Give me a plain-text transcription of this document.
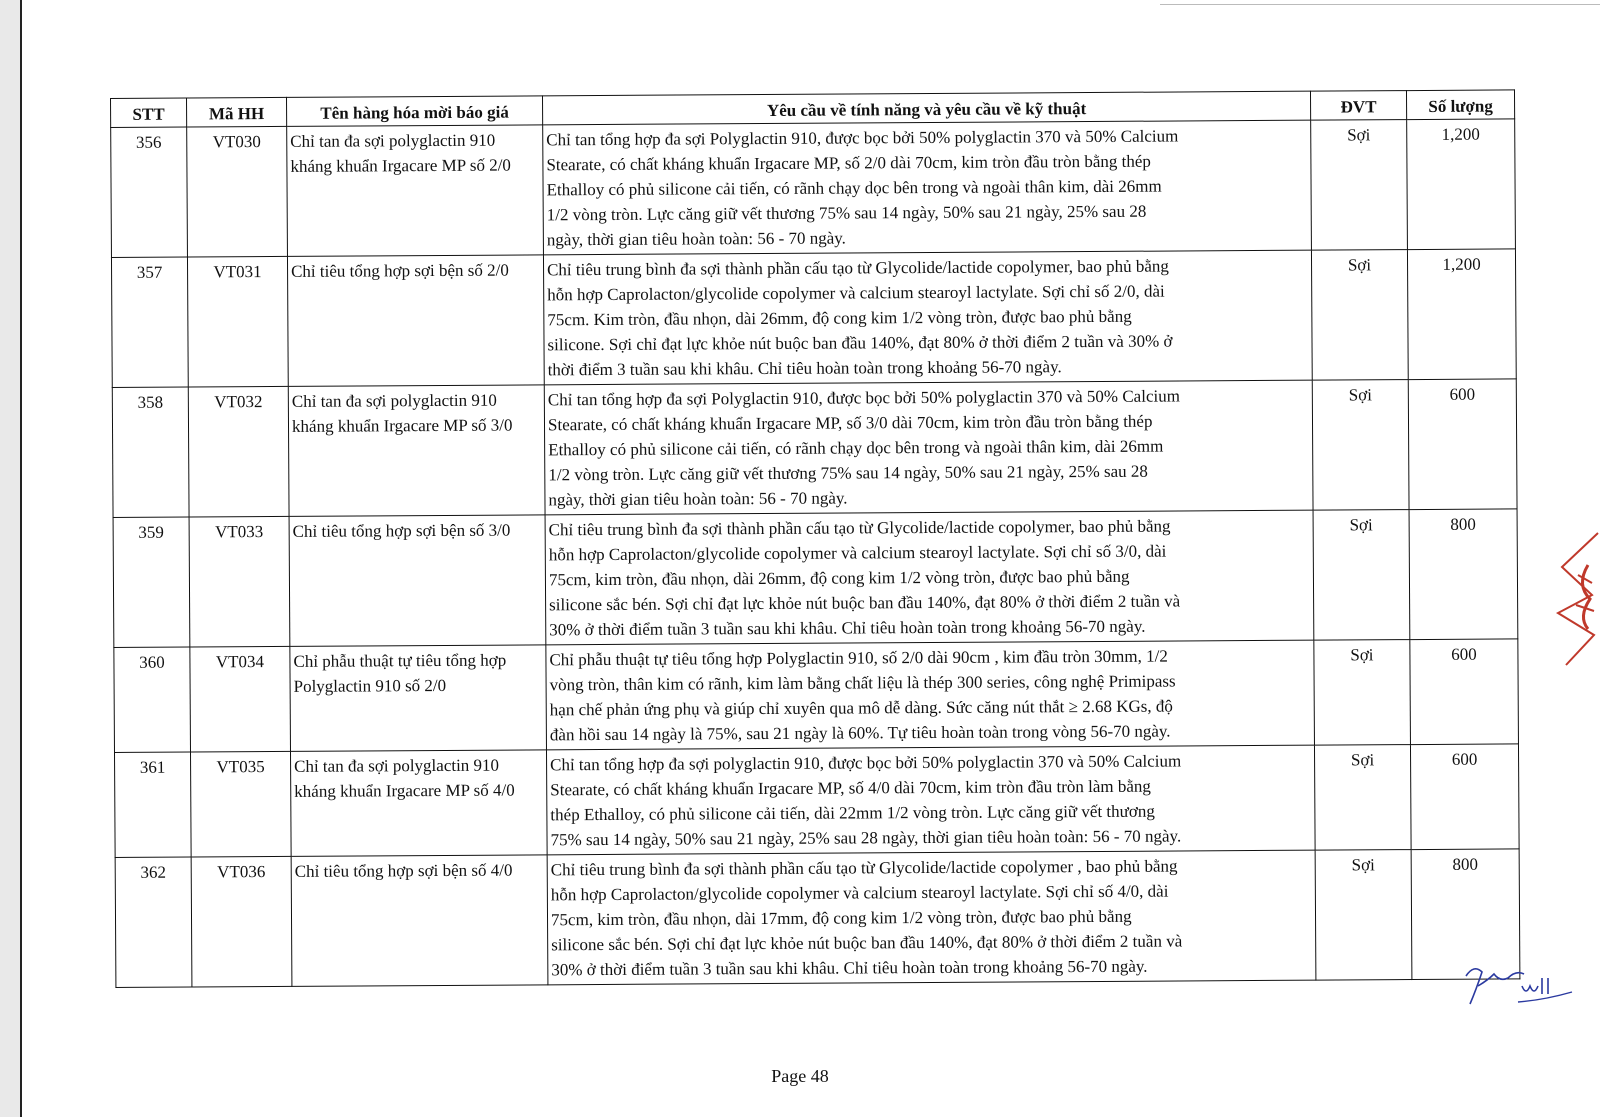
STT	Mã HH	Tên hàng hóa mời báo giá	Yêu cầu về tính năng và yêu cầu về kỹ thuật	ĐVT	Số lượng
356	VT030	Chỉ tan đa sợi polyglactin 910 kháng khuẩn Irgacare MP số 2/0	Chỉ tan tổng hợp đa sợi Polyglactin 910, được bọc bởi 50% polyglactin 370 và 50% Calcium
Stearate, có chất kháng khuẩn Irgacare MP, số 2/0 dài 70cm, kim tròn đầu tròn bằng thép
Ethalloy có phủ silicone cải tiến, có rãnh chạy dọc bên trong và ngoài thân kim, dài 26mm
1/2 vòng tròn. Lực căng giữ vết thương 75% sau 14 ngày, 50% sau 21 ngày, 25% sau 28
ngày, thời gian tiêu hoàn toàn: 56 - 70 ngày.	Sợi	1,200
357	VT031	Chỉ tiêu tổng hợp sợi bện số 2/0	Chỉ tiêu trung bình đa sợi thành phần cấu tạo từ Glycolide/lactide copolymer, bao phủ bằng
hỗn hợp Caprolacton/glycolide copolymer và calcium stearoyl lactylate. Sợi chỉ số 2/0, dài
75cm. Kim tròn, đầu nhọn, dài 26mm, độ cong kim 1/2 vòng tròn, được bao phủ bằng
silicone. Sợi chỉ đạt lực khỏe nút buộc ban đầu 140%, đạt 80% ở thời điểm 2 tuần và 30% ở
thời điểm 3 tuần sau khi khâu. Chỉ tiêu hoàn toàn trong khoảng 56-70 ngày.	Sợi	1,200
358	VT032	Chỉ tan đa sợi polyglactin 910 kháng khuẩn Irgacare MP số 3/0	Chỉ tan tổng hợp đa sợi Polyglactin 910, được bọc bởi 50% polyglactin 370 và 50% Calcium
Stearate, có chất kháng khuẩn Irgacare MP, số 3/0 dài 70cm, kim tròn đầu tròn bằng thép
Ethalloy có phủ silicone cải tiến, có rãnh chạy dọc bên trong và ngoài thân kim, dài 26mm
1/2 vòng tròn. Lực căng giữ vết thương 75% sau 14 ngày, 50% sau 21 ngày, 25% sau 28
ngày, thời gian tiêu hoàn toàn: 56 - 70 ngày.	Sợi	600
359	VT033	Chỉ tiêu tổng hợp sợi bện số 3/0	Chỉ tiêu trung bình đa sợi thành phần cấu tạo từ Glycolide/lactide copolymer, bao phủ bằng
hỗn hợp Caprolacton/glycolide copolymer và calcium stearoyl lactylate. Sợi chỉ số 3/0, dài
75cm, kim tròn, đầu nhọn, dài 26mm, độ cong kim 1/2 vòng tròn, được bao phủ bằng
silicone sắc bén. Sợi chỉ đạt lực khỏe nút buộc ban đầu 140%, đạt 80% ở thời điểm 2 tuần và
30% ở thời điểm tuần 3 tuần sau khi khâu. Chỉ tiêu hoàn toàn trong khoảng 56-70 ngày.	Sợi	800
360	VT034	Chỉ phẫu thuật tự tiêu tổng hợp Polyglactin 910 số 2/0	Chỉ phẫu thuật tự tiêu tổng hợp Polyglactin 910, số 2/0 dài 90cm , kim đầu tròn 30mm, 1/2
vòng tròn, thân kim có rãnh, kim làm bằng chất liệu là thép 300 series, công nghệ Primipass
hạn chế phản ứng phụ và giúp chỉ xuyên qua mô dễ dàng. Sức căng nút thắt ≥ 2.68 KGs, độ
đàn hồi sau 14 ngày là 75%, sau 21 ngày là 60%. Tự tiêu hoàn toàn trong vòng 56-70 ngày.	Sợi	600
361	VT035	Chỉ tan đa sợi polyglactin 910 kháng khuẩn Irgacare MP số 4/0	Chỉ tan tổng hợp đa sợi polyglactin 910, được bọc bởi 50% polyglactin 370 và 50% Calcium
Stearate, có chất kháng khuẩn Irgacare MP, số 4/0 dài 70cm, kim tròn đầu tròn làm bằng
thép Ethalloy, có phủ silicone cải tiến, dài 22mm 1/2 vòng tròn. Lực căng giữ vết thương
75% sau 14 ngày, 50% sau 21 ngày, 25% sau 28 ngày, thời gian tiêu hoàn toàn: 56 - 70 ngày.	Sợi	600
362	VT036	Chỉ tiêu tổng hợp sợi bện số 4/0	Chỉ tiêu trung bình đa sợi thành phần cấu tạo từ Glycolide/lactide copolymer , bao phủ bằng
hỗn hợp Caprolacton/glycolide copolymer và calcium stearoyl lactylate. Sợi chỉ số 4/0, dài
75cm, kim tròn, đầu nhọn, dài 17mm, độ cong kim 1/2 vòng tròn, được bao phủ bằng
silicone sắc bén. Sợi chỉ đạt lực khỏe nút buộc ban đầu 140%, đạt 80% ở thời điểm 2 tuần và
30% ở thời điểm tuần 3 tuần sau khi khâu. Chỉ tiêu hoàn toàn trong khoảng 56-70 ngày.	Sợi	800
Page 48
